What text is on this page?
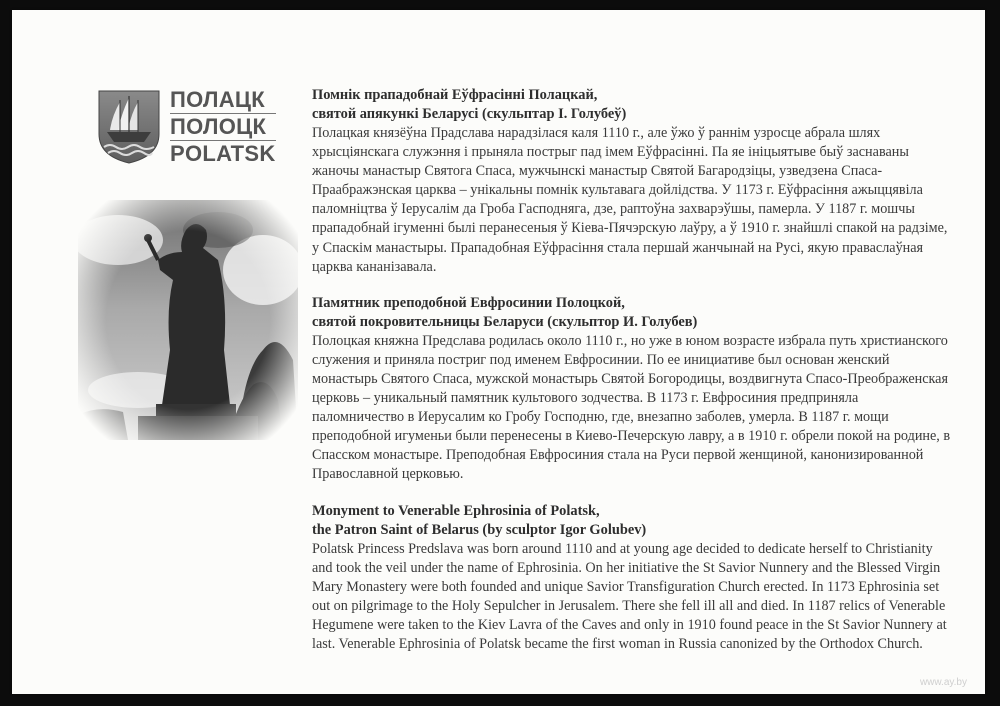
ПОЛАЦК
ПОЛОЦК
POLATSK
Помнік прападобнай Еўфрасінні Полацкай,
святой апякункі Беларусі (скульптар І. Голубеў)

Полацкая князёўна Прадслава нарадзілася каля 1110 г., але ўжо ў раннім узросце абрала шлях хрысціянскага служэння і прыняла пострыг пад імем Еўфрасінні. Па яе ініцыятыве быў заснаваны жаночы манастыр Святога Спаса, мужчынскі манастыр Святой Багародзіцы, узведзена Спаса-Праабражэнская царква – унікальны помнік культавага дойлідства. У 1173 г. Еўфрасіння ажыццявіла паломніцтва ў Іерусалім да Гроба Гасподняга, дзе, раптоўна захварэўшы, памерла. У 1187 г. мошчы прападобнай ігуменні былі перанесеныя ў Кіева-Пячэрскую лаўру, а ў 1910 г. знайшлі спакой на радзіме, у Спаскім манастыры. Прападобная Еўфрасіння стала першай жанчынай на Русі, якую праваслаўная царква кананізавала.

Памятник преподобной Евфросинии Полоцкой,
святой покровительницы Беларуси (скульптор И. Голубев)

Полоцкая княжна Предслава родилась около 1110 г., но уже в юном возрасте избрала путь христианского служения и приняла постриг под именем Евфросинии. По ее инициативе был основан женский монастырь Святого Спаса, мужской монастырь Святой Богородицы, воздвигнута Спасо-Преображенская церковь – уникальный памятник культового зодчества. В 1173 г. Евфросиния предприняла паломничество в Иерусалим ко Гробу Господню, где, внезапно заболев, умерла. В 1187 г. мощи преподобной игуменьи были перенесены в Киево-Печерскую лавру, а в 1910 г. обрели покой на родине, в Спасском монастыре. Преподобная Евфросиния стала на Руси первой женщиной, канонизированной Православной церковью.

Monyment to Venerable Ephrosinia of Polatsk,
the Patron Saint of Belarus (by sculptor Igor Golubev)

Polatsk Princess Predslava was born around 1110 and at young age decided to dedicate herself to Christianity and took the veil under the name of Ephrosinia. On her initiative the St Savior Nunnery and the Blessed Virgin Mary Monastery were both founded and unique Savior Transfiguration Church erected. In 1173 Ephrosinia set out on pilgrimage to the Holy Sepulcher in Jerusalem. There she fell ill all and died. In 1187 relics of Venerable Hegumene were taken to the Kiev Lavra of the Caves and only in 1910 found peace in the St Savior Nunnery at last. Venerable Ephrosinia of Polatsk became the first woman in Russia canonized by the Orthodox Church.

www.ay.by
